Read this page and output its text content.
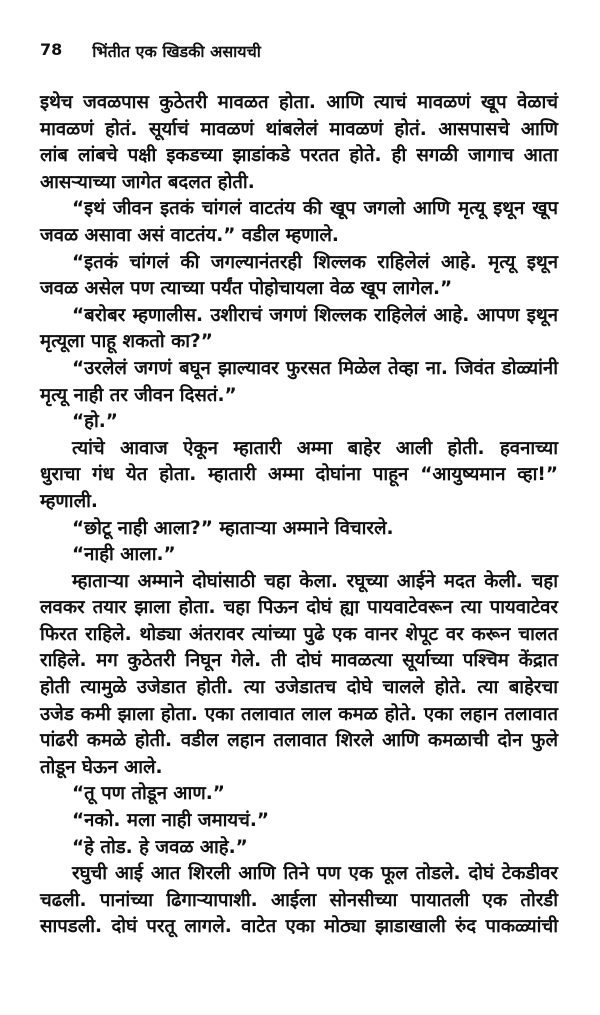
78 भिंतीत एक खिडकी असायची
इथेच जवळपास कुठेतरी मावळत होता. आणि त्याचं मावळणं खूप वेळाचं
मावळणं होतं. सूर्याचं मावळणं थांबलेलं मावळणं होतं. आसपासचे आणि
लांब लांबचे पक्षी इकडच्या झाडांकडे परतत होते. ही सगळी जागाच आता
आसऱ्याच्या जागेत बदलत होती.
“इथं जीवन इतकं चांगलं वाटतंय की खूप जगलो आणि मृत्यू इथून खूप
जवळ असावा असं वाटतंय.” वडील म्हणाले.
“इतकं चांगलं की जगल्यानंतरही शिल्लक राहिलेलं आहे. मृत्यू इथून
जवळ असेल पण त्याच्या पर्यंत पोहोचायला वेळ खूप लागेल.”
“बरोबर म्हणालीस. उशीराचं जगणं शिल्लक राहिलेलं आहे. आपण इथून
मृत्यूला पाहू शकतो का?”
“उरलेलं जगणं बघून झाल्यावर फुरसत मिळेल तेव्हा ना. जिवंत डोळ्यांनी
मृत्यू नाही तर जीवन दिसतं.”
“हो.”
त्यांचे आवाज ऐकून म्हातारी अम्मा बाहेर आली होती. हवनाच्या
धुराचा गंध येत होता. म्हातारी अम्मा दोघांना पाहून “आयुष्यमान व्हा!”
म्हणाली.
“छोटू नाही आला?” म्हाताऱ्या अम्माने विचारले.
“नाही आला.”
म्हाताऱ्या अम्माने दोघांसाठी चहा केला. रघूच्या आईने मदत केली. चहा
लवकर तयार झाला होता. चहा पिऊन दोघं ह्या पायवाटेवरून त्या पायवाटेवर
फिरत राहिले. थोड्या अंतरावर त्यांच्या पुढे एक वानर शेपूट वर करून चालत
राहिले. मग कुठेतरी निघून गेले. ती दोघं मावळत्या सूर्याच्या पश्चिम केंद्रात
होती त्यामुळे उजेडात होती. त्या उजेडातच दोघे चालले होते. त्या बाहेरचा
उजेड कमी झाला होता. एका तलावात लाल कमळ होते. एका लहान तलावात
पांढरी कमळे होती. वडील लहान तलावात शिरले आणि कमळाची दोन फुले
तोडून घेऊन आले.
“तू पण तोडून आण.”
“नको. मला नाही जमायचं.”
“हे तोड. हे जवळ आहे.”
रघुची आई आत शिरली आणि तिने पण एक फूल तोडले. दोघं टेकडीवर
चढली. पानांच्या ढिगाऱ्यापाशी. आईला सोनसीच्या पायातली एक तोरडी
सापडली. दोघं परतू लागले. वाटेत एका मोठ्या झाडाखाली रुंद पाकळ्यांची
